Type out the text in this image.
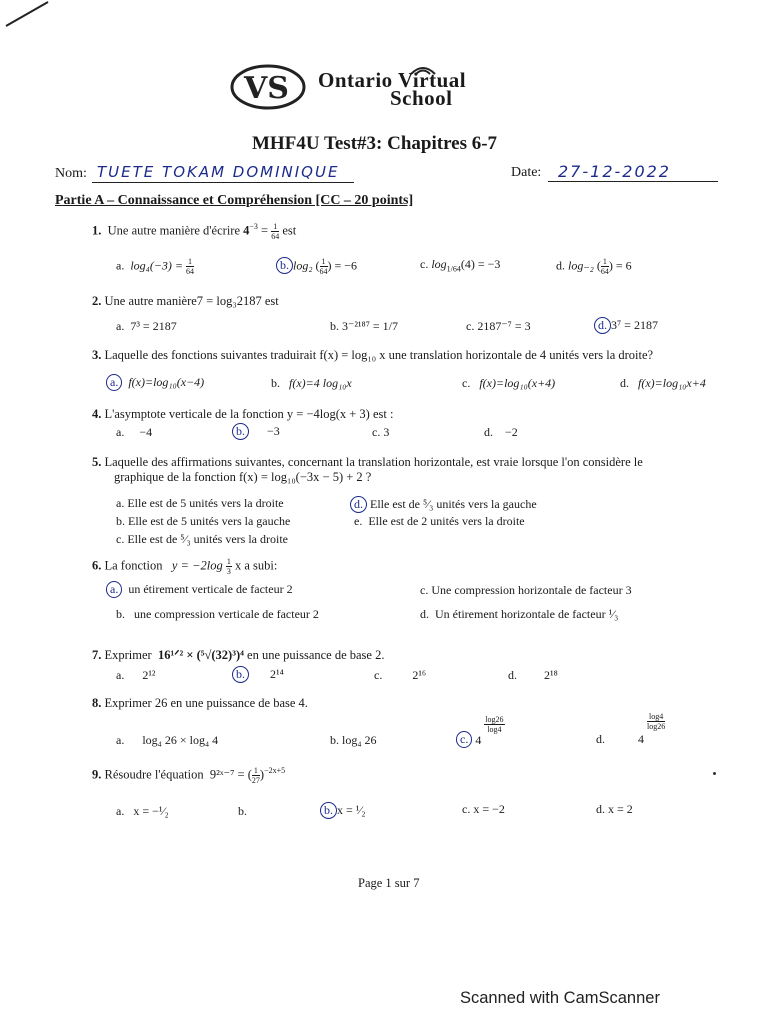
VS Ontario Virtual
School
MHF4U Test#3: Chapitres 6-7
Nom: TUETE TOKAM DOMINIQUE	Date: 27-12-2022
Partie A – Connaissance et Compréhension [CC – 20 points]
1. Une autre manière d'écrire $4^{-3} = \frac{1}{64}$ est
a. $\log_4(-3) = \frac{1}{64}$	b. log₂ ( $\frac{1}{64}$ ) = −6	c. $\log_{1/64}(4) = -3$	d. log₋₂ ( $\frac{1}{64}$ ) = 6
2. Une autre manière7 = log₃2187 est
a. 7³ = 2187	b. 3⁻²¹⁸⁷ = 1/7	c. 2187⁻⁷ = 3	d. 3⁷ = 2187
3. Laquelle des fonctions suivantes traduirait f(x) = log₁₀ x une translation horizontale de 4 unités vers la droite?
a. f(x)=log₁₀(x−4)	b. f(x)=4 log₁₀x	c. f(x)=log₁₀(x+4)	d. f(x)=log₁₀x+4
4. L'asymptote verticale de la fonction y = −4log(x + 3) est :
a. −4	b. −3	c. 3	d. −2
5. Laquelle des affirmations suivantes, concernant la translation horizontale, est vraie lorsque l'on considère le
graphique de la fonction f(x) = log₁₀(−3x − 5) + 2 ?
a. Elle est de 5 unités vers la droite
b. Elle est de 5 unités vers la gauche
c. Elle est de ⁵⁄₃ unités vers la droite
d. Elle est de ⁵⁄₃ unités vers la gauche
e. Elle est de 2 unités vers la droite
6. La fonction $y = -2\log \frac{1}{3}$ x a subi:
a. un étirement verticale de facteur 2
b. une compression verticale de facteur 2
c. Une compression horizontale de facteur 3
d. Un étirement horizontale de facteur ¹⁄₃
7. Exprimer 16¹ᐟ² × (⁵√(32)³)⁴ en une puissance de base 2.
a. 2¹²	b. 2¹⁴	c.	2¹⁶	d. 2¹⁸
8. Exprimer 26 en une puissance de base 4.
a. log₄ 26 × log₄ 4	b. log₄ 26	c. 4
$\frac{\log 26}{\log 4}$
d.	4
$\frac{\log 4}{\log 26}$
9. Résoudre l'équation 9²ˣ⁻⁷ = ( $\frac{1}{27} )^{-2x+5}$
a. x = −¹⁄₂	b.	b. x = ¹⁄₂	c. x = −2	d. x = 2
Page 1 sur 7
Scanned with CamScanner
